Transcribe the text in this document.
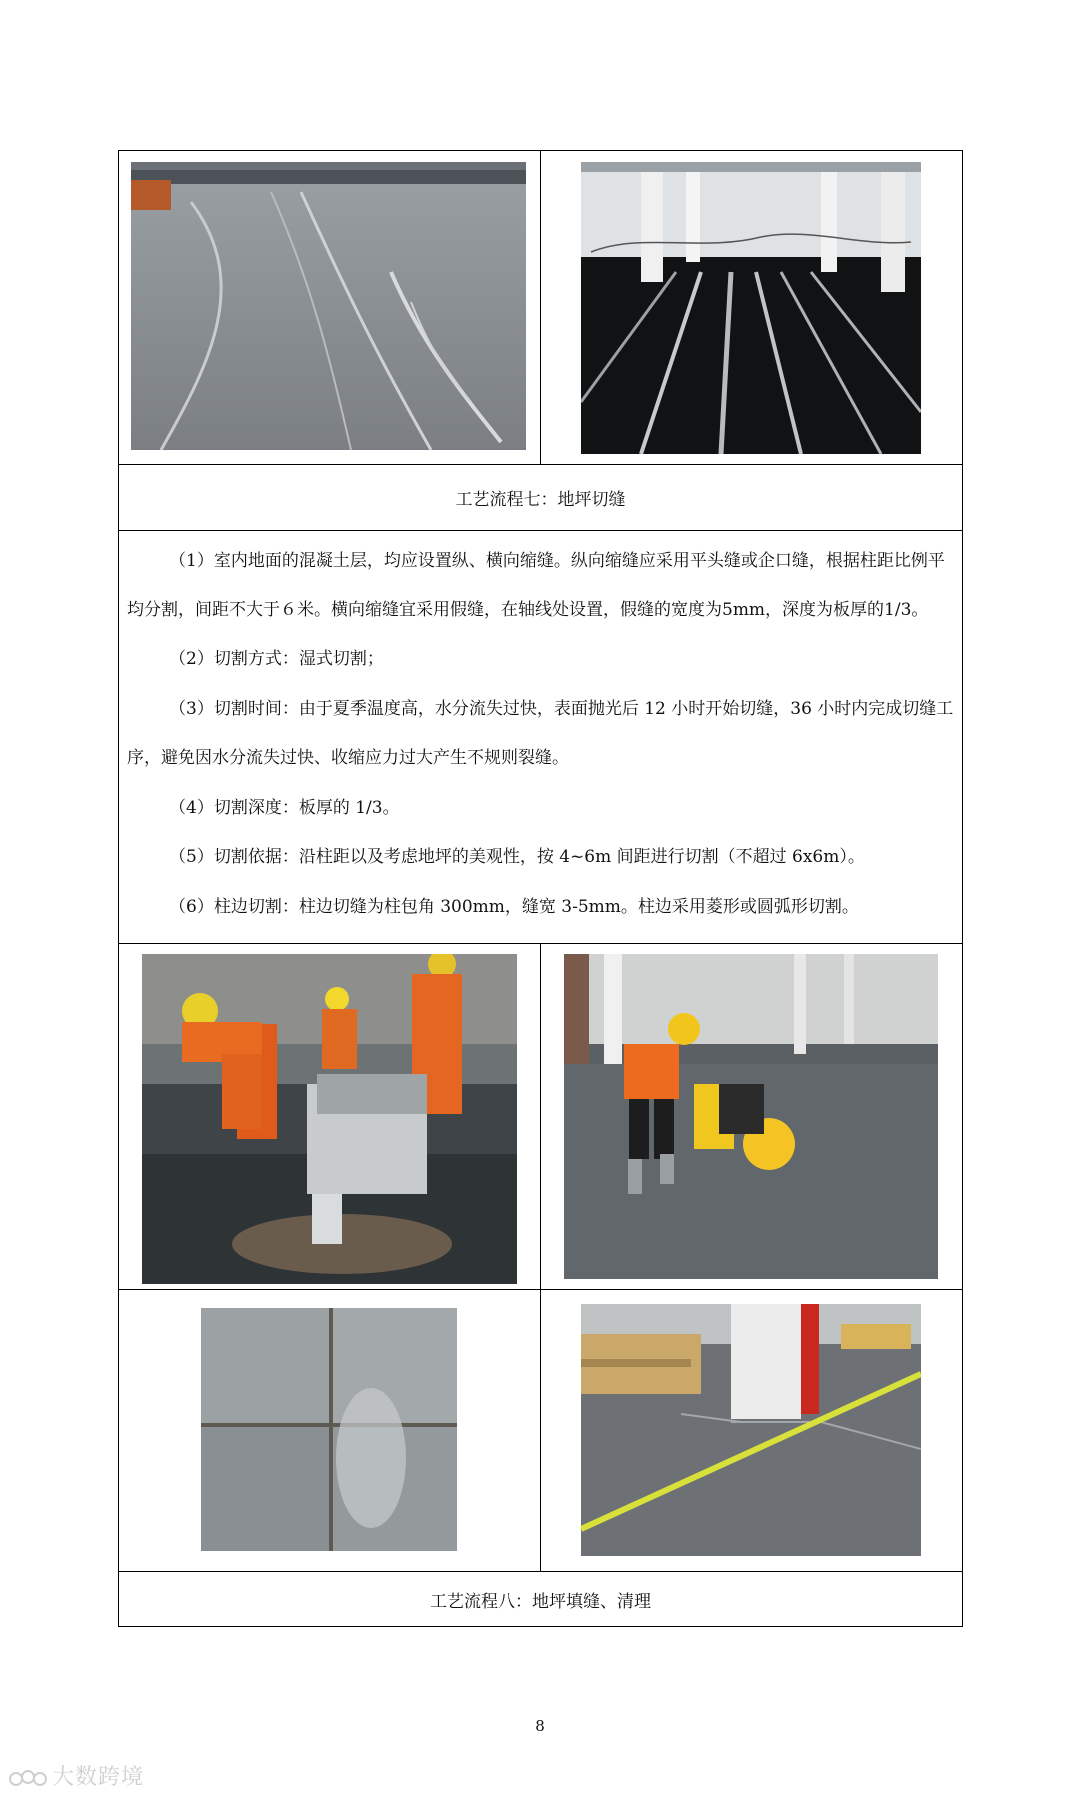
工艺流程七：地坪切缝
（1）室内地面的混凝土层，均应设置纵、横向缩缝。纵向缩缝应采用平头缝或企口缝，根据柱距比例平
均分割，间距不大于６米。横向缩缝宜采用假缝，在轴线处设置，假缝的宽度为5mm，深度为板厚的1/3。
（2）切割方式：湿式切割；
（3）切割时间：由于夏季温度高，水分流失过快，表面抛光后 12 小时开始切缝，36 小时内完成切缝工
序，避免因水分流失过快、收缩应力过大产生不规则裂缝。
（4）切割深度：板厚的 1/3。
（5）切割依据：沿柱距以及考虑地坪的美观性，按 4~6m 间距进行切割（不超过 6x6m）。
（6）柱边切割：柱边切缝为柱包角 300mm，缝宽 3-5mm。柱边采用菱形或圆弧形切割。
工艺流程八：地坪填缝、清理
8
大数跨境
